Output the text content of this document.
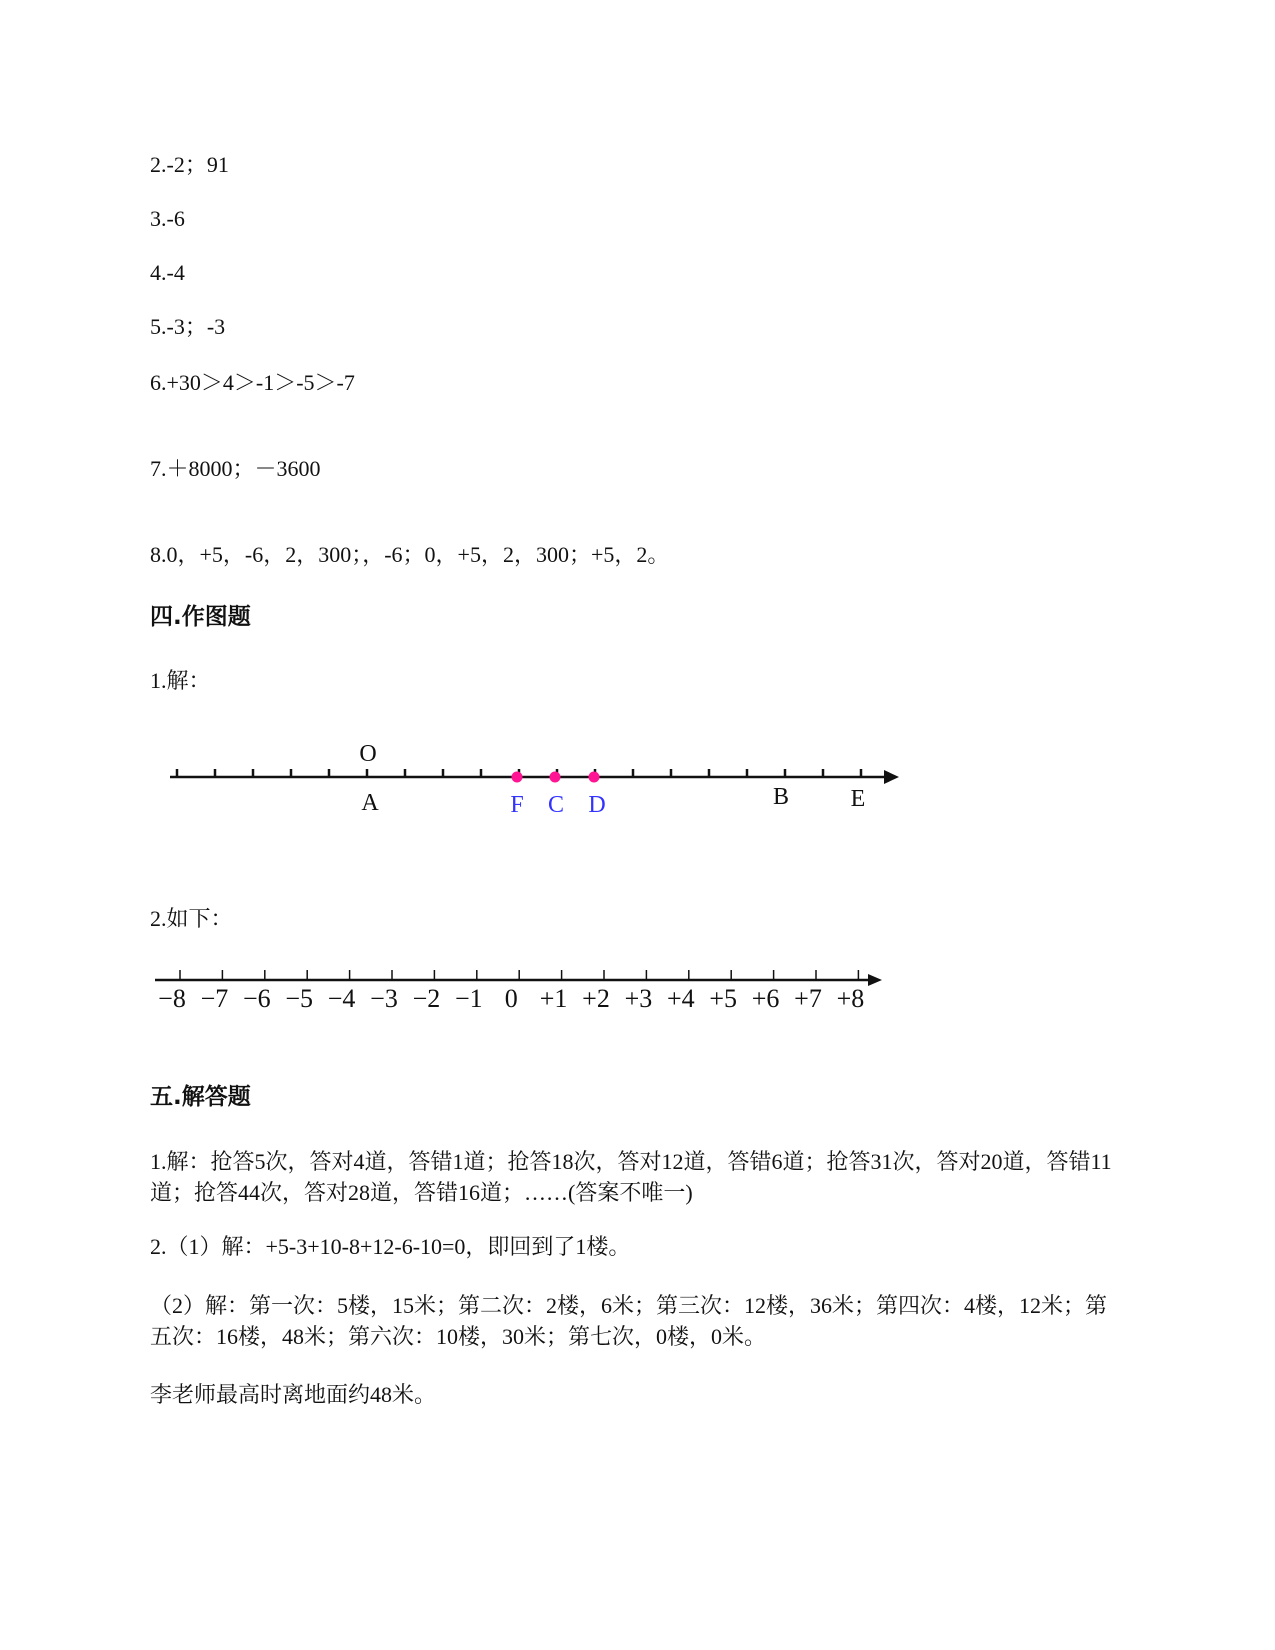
2.-2；91
3.-6
4.-4
5.-3；-3
6.+30＞4＞-1＞-5＞-7
7.＋8000；－3600
8.0，+5，-6，2，300；，-6；0，+5，2，300；+5，2。
四.作图题
1.解：
O
A	F C D	B	E
2.如下：
−8 −7 −6 −5 −4 −3 −2 −1 0 +1 +2 +3 +4 +5 +6 +7 +8
五.解答题
1.解：抢答5次，答对4道，答错1道；抢答18次，答对12道，答错6道；抢答31次，答对20道，答错11道；抢答44次，答对28道，答错16道；……(答案不唯一)
2.（1）解：+5-3+10-8+12-6-10=0，即回到了1楼。
（2）解：第一次：5楼，15米；第二次：2楼，6米；第三次：12楼，36米；第四次：4楼，12米；第五次：16楼，48米；第六次：10楼，30米；第七次，0楼，0米。
李老师最高时离地面约48米。
